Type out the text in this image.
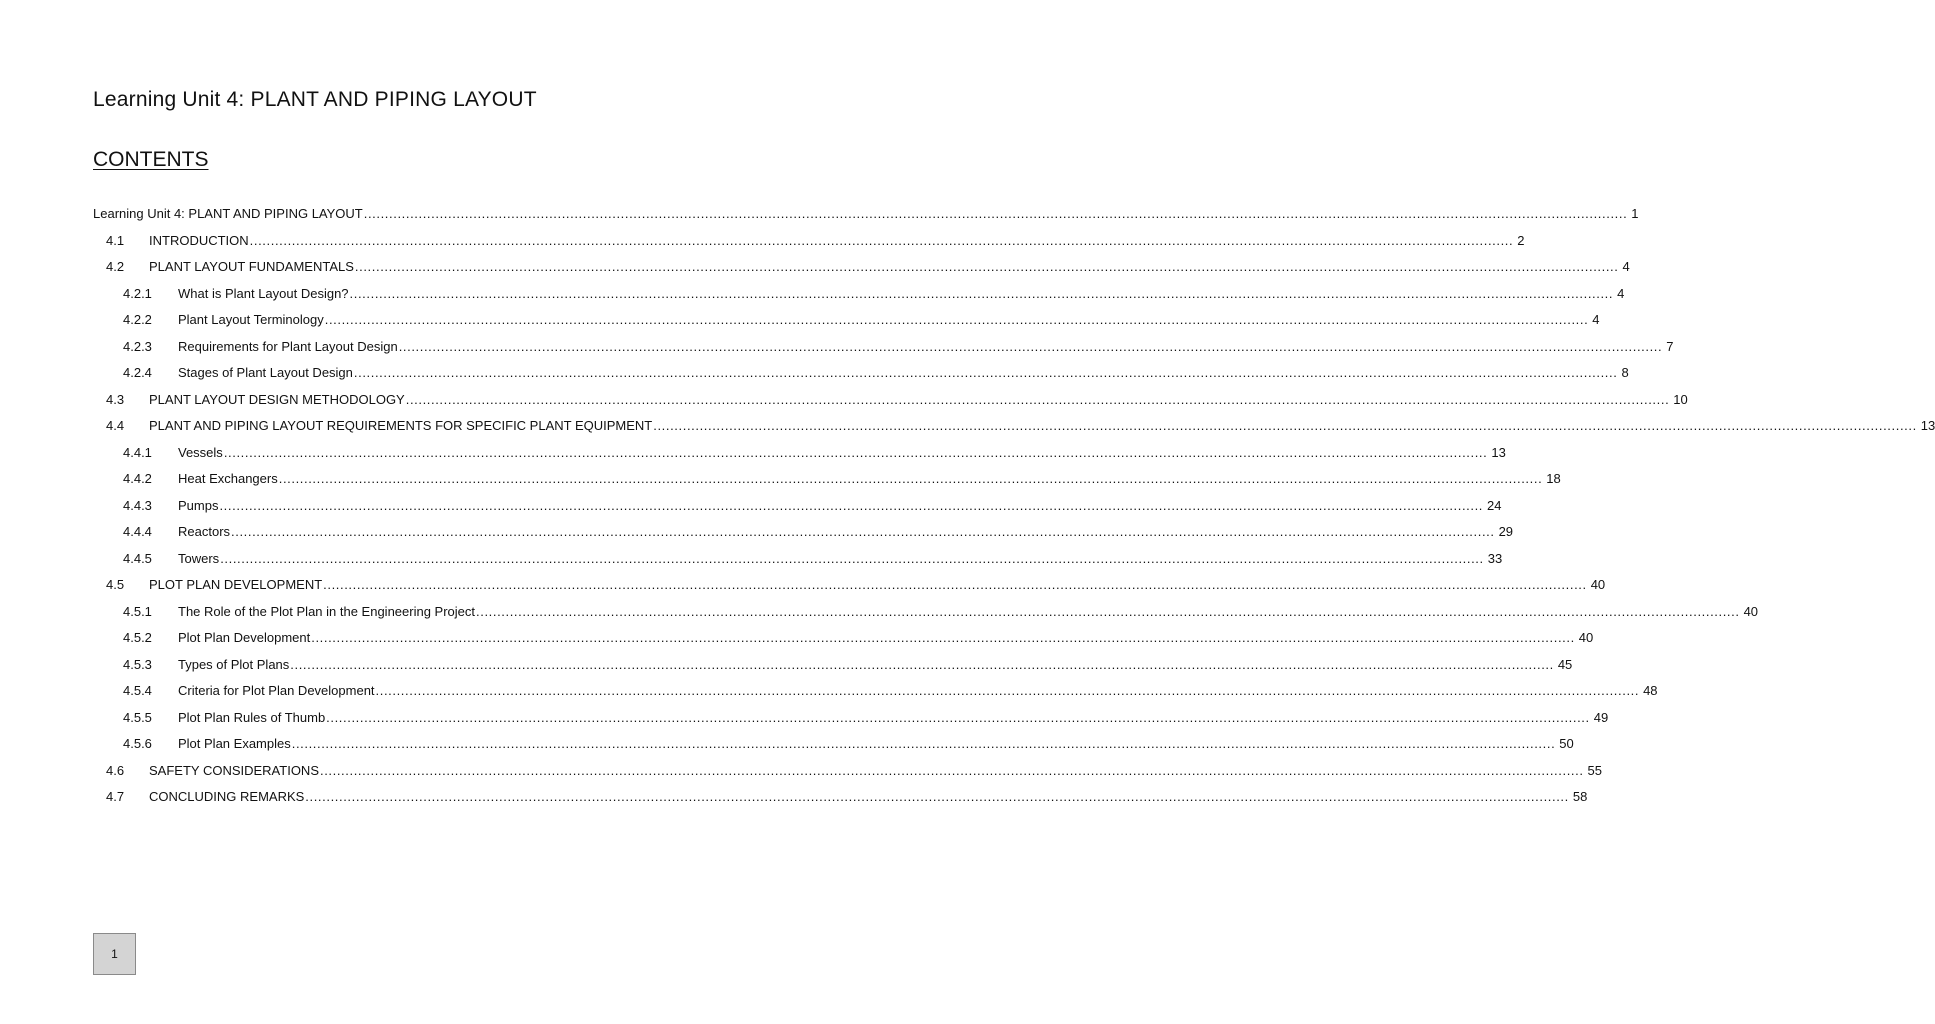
Learning Unit 4: PLANT AND PIPING LAYOUT
CONTENTS
Learning Unit 4: PLANT AND PIPING LAYOUT ............................................................................................................................................................................................................................................................................................................ 1
4.1 INTRODUCTION ............................................................................................................................................................................................................................................................................................................ 2
4.2 PLANT LAYOUT FUNDAMENTALS ............................................................................................................................................................................................................................................................................................................ 4
4.2.1 What is Plant Layout Design? ............................................................................................................................................................................................................................................................................................................ 4
4.2.2 Plant Layout Terminology ............................................................................................................................................................................................................................................................................................................ 4
4.2.3 Requirements for Plant Layout Design ............................................................................................................................................................................................................................................................................................................ 7
4.2.4 Stages of Plant Layout Design ............................................................................................................................................................................................................................................................................................................ 8
4.3 PLANT LAYOUT DESIGN METHODOLOGY ............................................................................................................................................................................................................................................................................................................ 10
4.4 PLANT AND PIPING LAYOUT REQUIREMENTS FOR SPECIFIC PLANT EQUIPMENT ............................................................................................................................................................................................................................................................................................................ 13
4.4.1 Vessels ............................................................................................................................................................................................................................................................................................................ 13
4.4.2 Heat Exchangers ............................................................................................................................................................................................................................................................................................................ 18
4.4.3 Pumps ............................................................................................................................................................................................................................................................................................................ 24
4.4.4 Reactors ............................................................................................................................................................................................................................................................................................................ 29
4.4.5 Towers ............................................................................................................................................................................................................................................................................................................ 33
4.5 PLOT PLAN DEVELOPMENT ............................................................................................................................................................................................................................................................................................................ 40
4.5.1 The Role of the Plot Plan in the Engineering Project ............................................................................................................................................................................................................................................................................................................ 40
4.5.2 Plot Plan Development ............................................................................................................................................................................................................................................................................................................ 40
4.5.3 Types of Plot Plans ............................................................................................................................................................................................................................................................................................................ 45
4.5.4 Criteria for Plot Plan Development ............................................................................................................................................................................................................................................................................................................ 48
4.5.5 Plot Plan Rules of Thumb ............................................................................................................................................................................................................................................................................................................ 49
4.5.6 Plot Plan Examples ............................................................................................................................................................................................................................................................................................................ 50
4.6 SAFETY CONSIDERATIONS ............................................................................................................................................................................................................................................................................................................ 55
4.7 CONCLUDING REMARKS ............................................................................................................................................................................................................................................................................................................ 58
1
